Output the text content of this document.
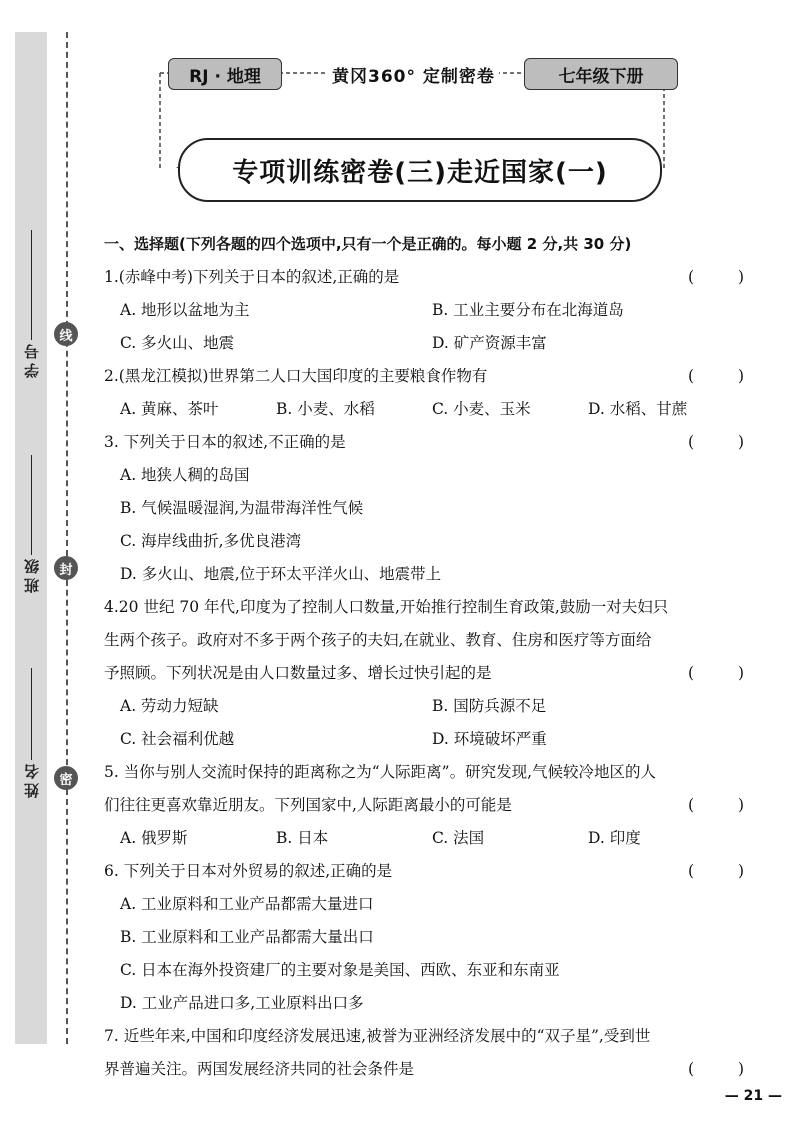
学号
班级
姓名
线
封
密
RJ · 地理	黄冈360° 定制密卷	七年级下册
专项训练密卷(三)走近国家(一)
一、选择题(下列各题的四个选项中,只有一个是正确的。每小题 2 分,共 30 分)
1.(赤峰中考)下列关于日本的叙述,正确的是	(	)
A. 地形以盆地为主	B. 工业主要分布在北海道岛
C. 多火山、地震	D. 矿产资源丰富
2.(黑龙江模拟)世界第二人口大国印度的主要粮食作物有	(	)
A. 黄麻、茶叶	B. 小麦、水稻	C. 小麦、玉米	D. 水稻、甘蔗
3. 下列关于日本的叙述,不正确的是	(	)
A. 地狭人稠的岛国
B. 气候温暖湿润,为温带海洋性气候
C. 海岸线曲折,多优良港湾
D. 多火山、地震,位于环太平洋火山、地震带上
4.20 世纪 70 年代,印度为了控制人口数量,开始推行控制生育政策,鼓励一对夫妇只
生两个孩子。政府对不多于两个孩子的夫妇,在就业、教育、住房和医疗等方面给
予照顾。下列状况是由人口数量过多、增长过快引起的是	(	)
A. 劳动力短缺	B. 国防兵源不足
C. 社会福利优越	D. 环境破坏严重
5. 当你与别人交流时保持的距离称之为“人际距离”。研究发现,气候较冷地区的人
们往往更喜欢靠近朋友。下列国家中,人际距离最小的可能是	(	)
A. 俄罗斯	B. 日本	C. 法国	D. 印度
6. 下列关于日本对外贸易的叙述,正确的是	(	)
A. 工业原料和工业产品都需大量进口
B. 工业原料和工业产品都需大量出口
C. 日本在海外投资建厂的主要对象是美国、西欧、东亚和东南亚
D. 工业产品进口多,工业原料出口多
7. 近些年来,中国和印度经济发展迅速,被誉为亚洲经济发展中的“双子星”,受到世
界普遍关注。两国发展经济共同的社会条件是	(	)
— 21 —
